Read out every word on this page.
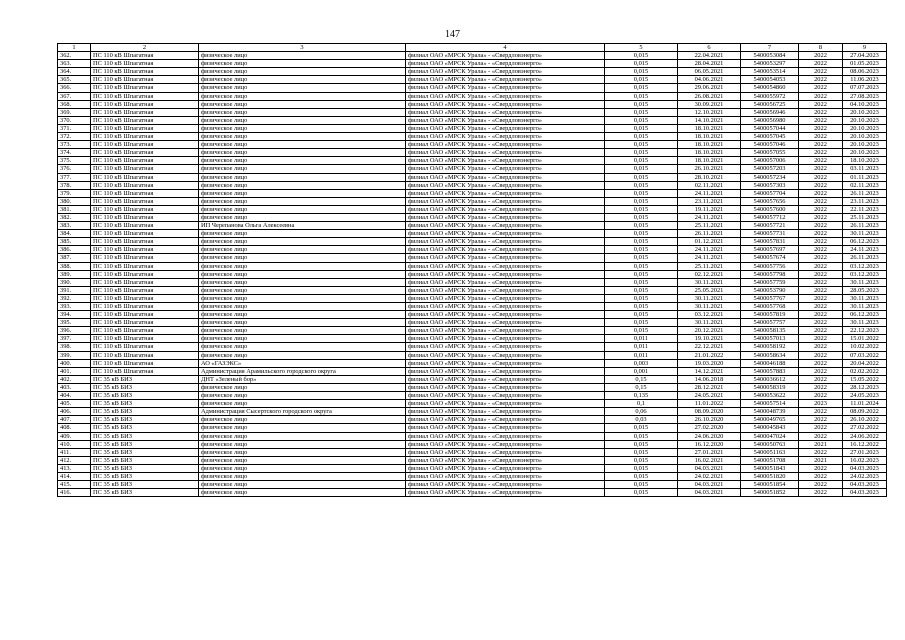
147
1	2	3	4	5	6	7	8	9
362.	ПС 110 кВ Шпагатная	физическое лицо	филиал ОАО «МРСК Урала» - «Свердловэнерго»	0,015	22.04.2021	5400053084	2022	27.04.2023
363.	ПС 110 кВ Шпагатная	физическое лицо	филиал ОАО «МРСК Урала» - «Свердловэнерго»	0,015	28.04.2021	5400053297	2022	01.05.2023
364.	ПС 110 кВ Шпагатная	физическое лицо	филиал ОАО «МРСК Урала» - «Свердловэнерго»	0,015	06.05.2021	5400053514	2022	08.06.2023
365.	ПС 110 кВ Шпагатная	физическое лицо	филиал ОАО «МРСК Урала» - «Свердловэнерго»	0,015	04.06.2021	5400054053	2022	11.06.2023
366.	ПС 110 кВ Шпагатная	физическое лицо	филиал ОАО «МРСК Урала» - «Свердловэнерго»	0,015	29.06.2021	5400054860	2022	07.07.2023
367.	ПС 110 кВ Шпагатная	физическое лицо	филиал ОАО «МРСК Урала» - «Свердловэнерго»	0,015	26.08.2021	5400055972	2022	27.08.2023
368.	ПС 110 кВ Шпагатная	физическое лицо	филиал ОАО «МРСК Урала» - «Свердловэнерго»	0,015	30.09.2021	5400056725	2022	04.10.2023
369.	ПС 110 кВ Шпагатная	физическое лицо	филиал ОАО «МРСК Урала» - «Свердловэнерго»	0,015	12.10.2021	5400056946	2022	20.10.2023
370.	ПС 110 кВ Шпагатная	физическое лицо	филиал ОАО «МРСК Урала» - «Свердловэнерго»	0,015	14.10.2021	5400056980	2022	20.10.2023
371.	ПС 110 кВ Шпагатная	физическое лицо	филиал ОАО «МРСК Урала» - «Свердловэнерго»	0,015	18.10.2021	5400057044	2022	20.10.2023
372.	ПС 110 кВ Шпагатная	физическое лицо	филиал ОАО «МРСК Урала» - «Свердловэнерго»	0,015	18.10.2021	5400057045	2022	20.10.2023
373.	ПС 110 кВ Шпагатная	физическое лицо	филиал ОАО «МРСК Урала» - «Свердловэнерго»	0,015	18.10.2021	5400057046	2022	20.10.2023
374.	ПС 110 кВ Шпагатная	физическое лицо	филиал ОАО «МРСК Урала» - «Свердловэнерго»	0,015	18.10.2021	5400057055	2022	20.10.2023
375.	ПС 110 кВ Шпагатная	физическое лицо	филиал ОАО «МРСК Урала» - «Свердловэнерго»	0,015	18.10.2021	5400057006	2022	18.10.2023
376.	ПС 110 кВ Шпагатная	физическое лицо	филиал ОАО «МРСК Урала» - «Свердловэнерго»	0,015	26.10.2021	5400057203	2022	03.11.2023
377.	ПС 110 кВ Шпагатная	физическое лицо	филиал ОАО «МРСК Урала» - «Свердловэнерго»	0,015	28.10.2021	5400057234	2022	01.11.2023
378.	ПС 110 кВ Шпагатная	физическое лицо	филиал ОАО «МРСК Урала» - «Свердловэнерго»	0,015	02.11.2021	5400057303	2022	02.11.2023
379.	ПС 110 кВ Шпагатная	физическое лицо	филиал ОАО «МРСК Урала» - «Свердловэнерго»	0,015	24.11.2021	5400057704	2022	26.11.2023
380.	ПС 110 кВ Шпагатная	физическое лицо	филиал ОАО «МРСК Урала» - «Свердловэнерго»	0,015	23.11.2021	5400057656	2022	23.11.2023
381.	ПС 110 кВ Шпагатная	физическое лицо	филиал ОАО «МРСК Урала» - «Свердловэнерго»	0,015	19.11.2021	5400057600	2022	22.11.2023
382.	ПС 110 кВ Шпагатная	физическое лицо	филиал ОАО «МРСК Урала» - «Свердловэнерго»	0,015	24.11.2021	5400057712	2022	25.11.2023
383.	ПС 110 кВ Шпагатная	ИП Черепанова Ольга Алексеевна	филиал ОАО «МРСК Урала» - «Свердловэнерго»	0,015	25.11.2021	5400057721	2022	26.11.2023
384.	ПС 110 кВ Шпагатная	физическое лицо	филиал ОАО «МРСК Урала» - «Свердловэнерго»	0,015	26.11.2021	5400057731	2022	30.11.2023
385.	ПС 110 кВ Шпагатная	физическое лицо	филиал ОАО «МРСК Урала» - «Свердловэнерго»	0,015	01.12.2021	5400057831	2022	06.12.2023
386.	ПС 110 кВ Шпагатная	физическое лицо	филиал ОАО «МРСК Урала» - «Свердловэнерго»	0,015	24.11.2021	5400057697	2022	24.11.2023
387.	ПС 110 кВ Шпагатная	физическое лицо	филиал ОАО «МРСК Урала» - «Свердловэнерго»	0,015	24.11.2021	5400057674	2022	26.11.2023
388.	ПС 110 кВ Шпагатная	физическое лицо	филиал ОАО «МРСК Урала» - «Свердловэнерго»	0,015	25.11.2021	5400057756	2022	03.12.2023
389.	ПС 110 кВ Шпагатная	физическое лицо	филиал ОАО «МРСК Урала» - «Свердловэнерго»	0,015	02.12.2021	5400057798	2022	03.12.2023
390.	ПС 110 кВ Шпагатная	физическое лицо	филиал ОАО «МРСК Урала» - «Свердловэнерго»	0,015	30.11.2021	5400057759	2022	30.11.2023
391.	ПС 110 кВ Шпагатная	физическое лицо	филиал ОАО «МРСК Урала» - «Свердловэнерго»	0,015	25.05.2021	5400053790	2022	28.05.2023
392.	ПС 110 кВ Шпагатная	физическое лицо	филиал ОАО «МРСК Урала» - «Свердловэнерго»	0,015	30.11.2021	5400057767	2022	30.11.2023
393.	ПС 110 кВ Шпагатная	физическое лицо	филиал ОАО «МРСК Урала» - «Свердловэнерго»	0,015	30.11.2021	5400057768	2022	30.11.2023
394.	ПС 110 кВ Шпагатная	физическое лицо	филиал ОАО «МРСК Урала» - «Свердловэнерго»	0,015	03.12.2021	5400057819	2022	06.12.2023
395.	ПС 110 кВ Шпагатная	физическое лицо	филиал ОАО «МРСК Урала» - «Свердловэнерго»	0,015	30.11.2021	5400057757	2022	30.11.2023
396.	ПС 110 кВ Шпагатная	физическое лицо	филиал ОАО «МРСК Урала» - «Свердловэнерго»	0,015	20.12.2021	5400058135	2022	22.12.2023
397.	ПС 110 кВ Шпагатная	физическое лицо	филиал ОАО «МРСК Урала» - «Свердловэнерго»	0,011	19.10.2021	5400057013	2022	15.01.2022
398.	ПС 110 кВ Шпагатная	физическое лицо	филиал ОАО «МРСК Урала» - «Свердловэнерго»	0,011	22.12.2021	5400058192	2022	10.02.2022
399.	ПС 110 кВ Шпагатная	физическое лицо	филиал ОАО «МРСК Урала» - «Свердловэнерго»	0,011	21.01.2022	5400058634	2022	07.03.2022
400.	ПС 110 кВ Шпагатная	АО «ГАЗЭКС»	филиал ОАО «МРСК Урала» - «Свердловэнерго»	0,003	19.03.2020	5400046188	2022	20.04.2022
401.	ПС 110 кВ Шпагатная	Администрация Арамильского городского округа	филиал ОАО «МРСК Урала» - «Свердловэнерго»	0,001	14.12.2021	5400057883	2022	02.02.2022
402.	ПС 35 кВ БИЗ	ДНТ «Зеленый бор»	филиал ОАО «МРСК Урала» - «Свердловэнерго»	0,15	14.06.2018	5400036612	2022	15.05.2022
403.	ПС 35 кВ БИЗ	физическое лицо	филиал ОАО «МРСК Урала» - «Свердловэнерго»	0,15	28.12.2021	5400058319	2022	28.12.2023
404.	ПС 35 кВ БИЗ	физическое лицо	филиал ОАО «МРСК Урала» - «Свердловэнерго»	0,135	24.05.2021	5400053622	2022	24.05.2023
405.	ПС 35 кВ БИЗ	физическое лицо	филиал ОАО «МРСК Урала» - «Свердловэнерго»	0,1	11.01.2022	5400057514	2023	11.01.2024
406.	ПС 35 кВ БИЗ	Администрация Сысертского городского округа	филиал ОАО «МРСК Урала» - «Свердловэнерго»	0,06	08.09.2020	5400048739	2022	08.09.2022
407.	ПС 35 кВ БИЗ	физическое лицо	филиал ОАО «МРСК Урала» - «Свердловэнерго»	0,03	26.10.2020	5400049765	2022	26.10.2022
408.	ПС 35 кВ БИЗ	физическое лицо	филиал ОАО «МРСК Урала» - «Свердловэнерго»	0,015	27.02.2020	5400045843	2022	27.02.2022
409.	ПС 35 кВ БИЗ	физическое лицо	филиал ОАО «МРСК Урала» - «Свердловэнерго»	0,015	24.06.2020	5400047024	2022	24.06.2022
410.	ПС 35 кВ БИЗ	физическое лицо	филиал ОАО «МРСК Урала» - «Свердловэнерго»	0,015	16.12.2020	5400050763	2021	16.12.2022
411.	ПС 35 кВ БИЗ	физическое лицо	филиал ОАО «МРСК Урала» - «Свердловэнерго»	0,015	27.01.2021	5400051163	2022	27.01.2023
412.	ПС 35 кВ БИЗ	физическое лицо	филиал ОАО «МРСК Урала» - «Свердловэнерго»	0,015	16.02.2021	5400051708	2021	16.02.2023
413.	ПС 35 кВ БИЗ	физическое лицо	филиал ОАО «МРСК Урала» - «Свердловэнерго»	0,015	04.03.2021	5400051843	2022	04.03.2023
414.	ПС 35 кВ БИЗ	физическое лицо	филиал ОАО «МРСК Урала» - «Свердловэнерго»	0,015	24.02.2021	5400051820	2022	24.02.2023
415.	ПС 35 кВ БИЗ	физическое лицо	филиал ОАО «МРСК Урала» - «Свердловэнерго»	0,015	04.03.2021	5400051854	2022	04.03.2023
416.	ПС 35 кВ БИЗ	физическое лицо	филиал ОАО «МРСК Урала» - «Свердловэнерго»	0,015	04.03.2021	5400051852	2022	04.03.2023
